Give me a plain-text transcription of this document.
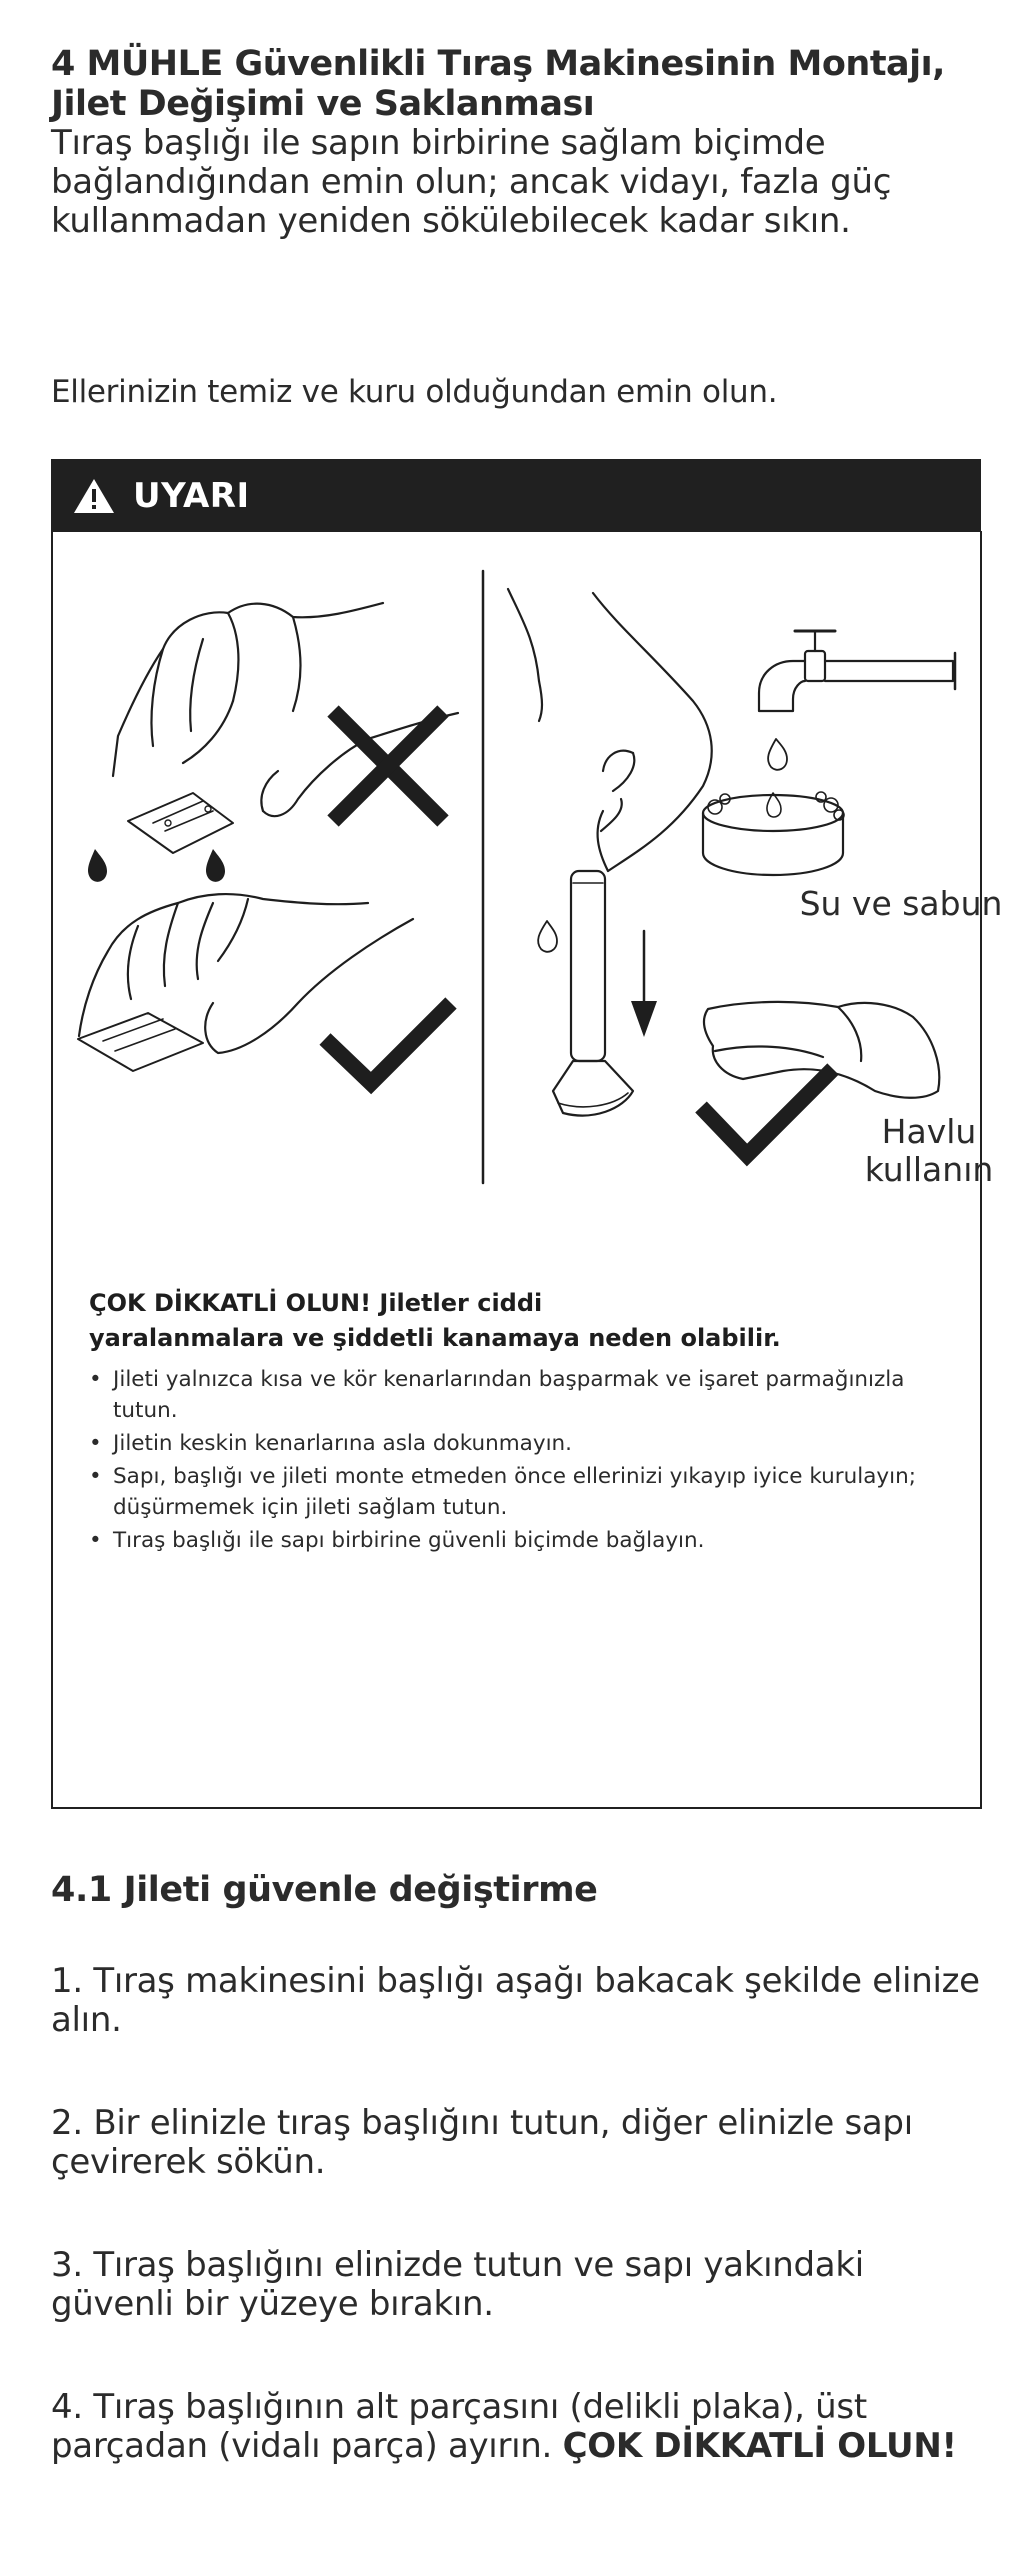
4 MÜHLE Güvenlikli Tıraş Makinesinin Montajı,
Jilet Değişimi ve Saklanması

Tıraş başlığı ile sapın birbirine sağlam biçimde bağlandığından emin olun; ancak vidayı, fazla güç kullanmadan yeniden sökülebilecek kadar sıkın.

Ellerinizin temiz ve kuru olduğundan emin olun.

UYARI
Su ve sabun
Havlu
kullanın

ÇOK DİKKATLİ OLUN! Jiletler ciddi
yaralanmalara ve şiddetli kanamaya neden olabilir.

• Jileti yalnızca kısa ve kör kenarlarından başparmak ve işaret parmağınızla tutun.
• Jiletin keskin kenarlarına asla dokunmayın.
• Sapı, başlığı ve jileti monte etmeden önce ellerinizi yıkayıp iyice kurulayın; düşürmemek için jileti sağlam tutun.
• Tıraş başlığı ile sapı birbirine güvenli biçimde bağlayın.
4.1 Jileti güvenle değiştirme

1. Tıraş makinesini başlığı aşağı bakacak şekilde elinize alın.

2. Bir elinizle tıraş başlığını tutun, diğer elinizle sapı çevirerek sökün.

3. Tıraş başlığını elinizde tutun ve sapı yakındaki güvenli bir yüzeye bırakın.

4. Tıraş başlığının alt parçasını (delikli plaka), üst parçadan (vidalı parça) ayırın. ÇOK DİKKATLİ OLUN!
